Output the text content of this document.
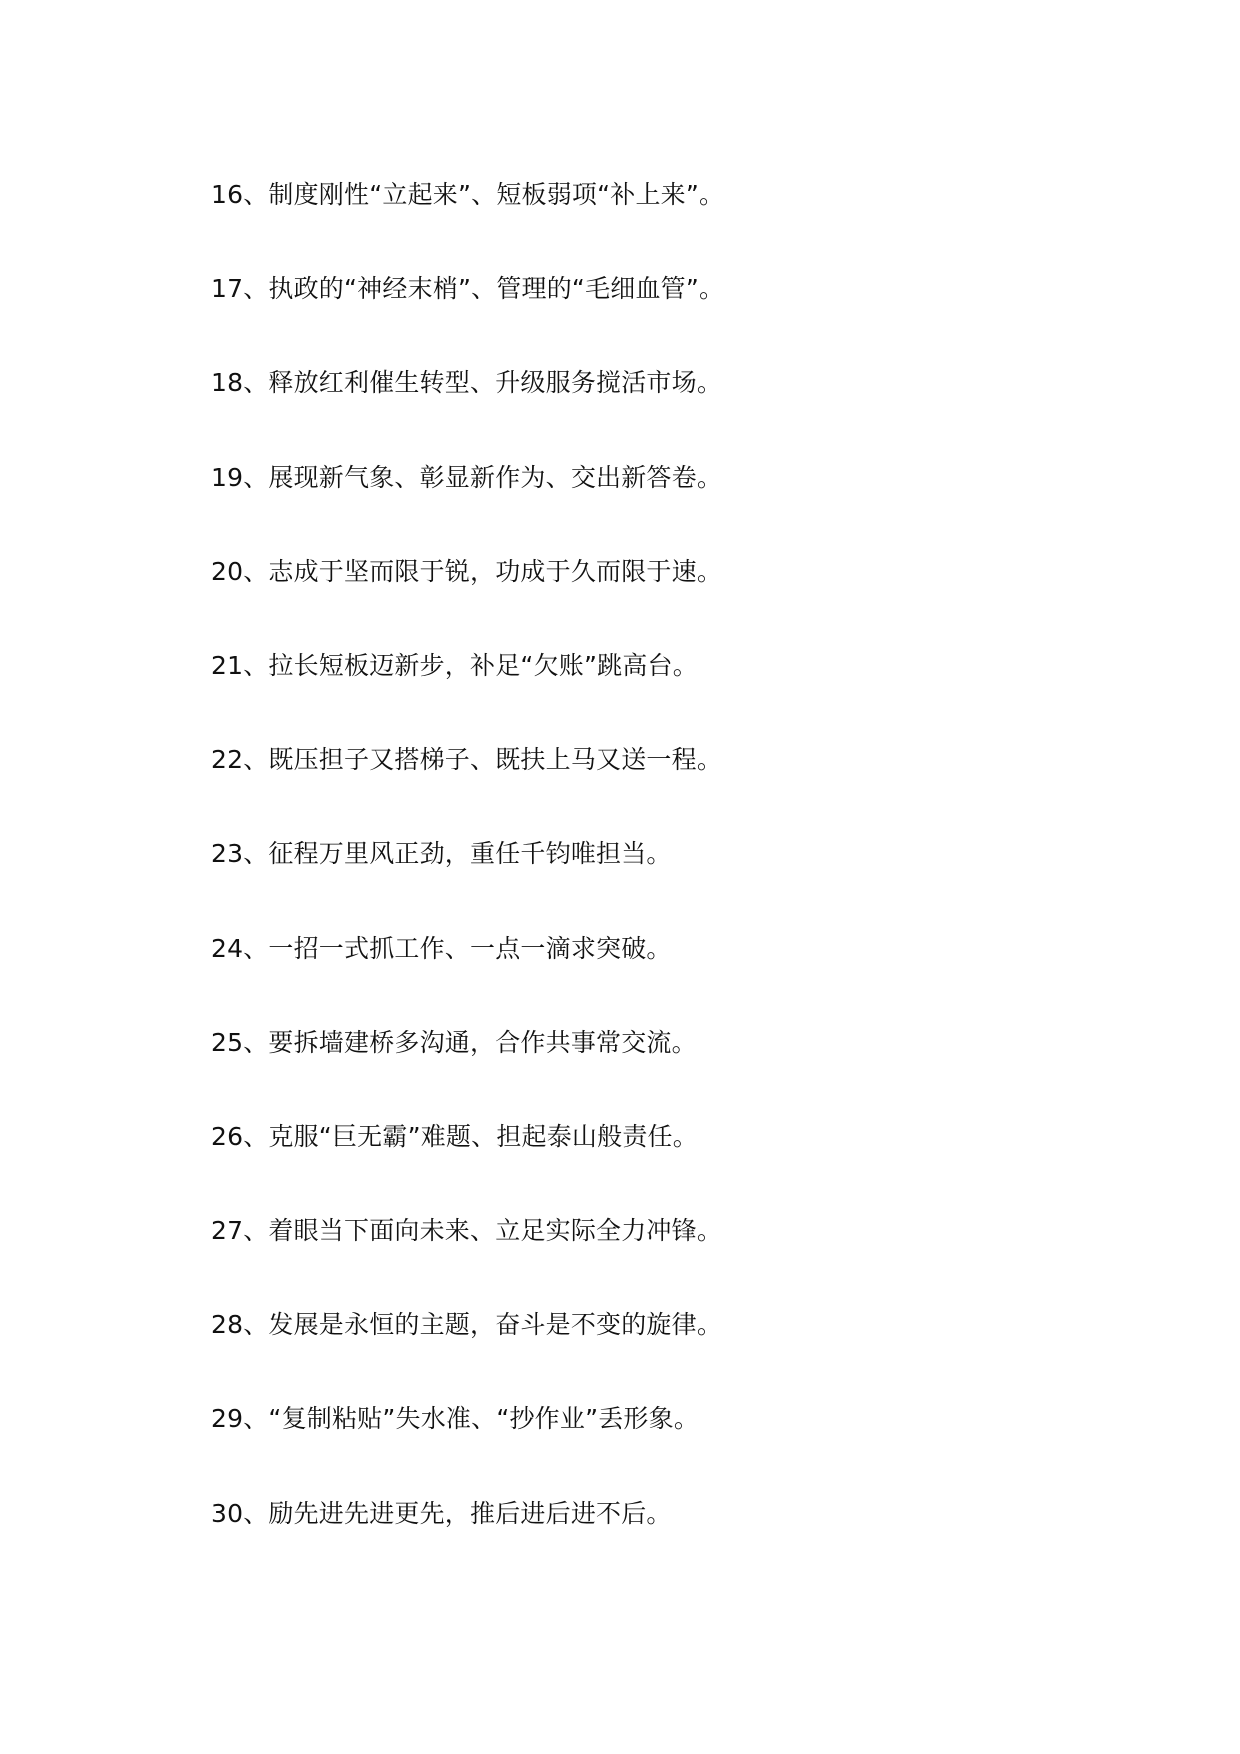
16、制度刚性“立起来”、短板弱项“补上来”。
17、执政的“神经末梢”、管理的“毛细血管”。
18、释放红利催生转型、升级服务搅活市场。
19、展现新气象、彰显新作为、交出新答卷。
20、志成于坚而限于锐，功成于久而限于速。
21、拉长短板迈新步，补足“欠账”跳高台。
22、既压担子又搭梯子、既扶上马又送一程。
23、征程万里风正劲，重任千钧唯担当。
24、一招一式抓工作、一点一滴求突破。
25、要拆墙建桥多沟通，合作共事常交流。
26、克服“巨无霸”难题、担起泰山般责任。
27、着眼当下面向未来、立足实际全力冲锋。
28、发展是永恒的主题，奋斗是不变的旋律。
29、“复制粘贴”失水准、“抄作业”丢形象。
30、励先进先进更先，推后进后进不后。
